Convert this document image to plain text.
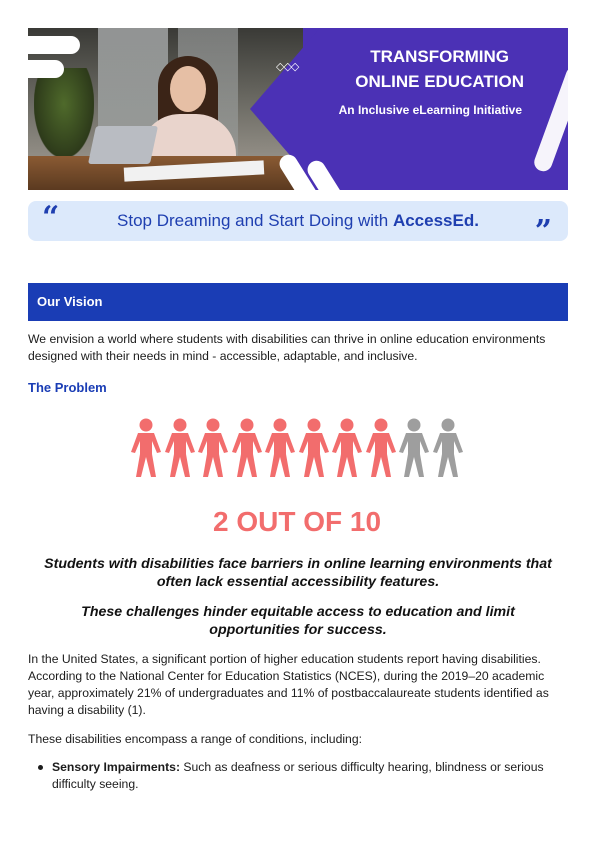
◇◇◇
TRANSFORMING
ONLINE EDUCATION
An Inclusive eLearning Initiative
“	Stop Dreaming and Start Doing with AccessEd.	”
Our Vision
We envision a world where students with disabilities can thrive in online education environments designed with their needs in mind - accessible, adaptable, and inclusive.
The Problem
2 OUT OF 10
Students with disabilities face barriers in online learning environments that often lack essential accessibility features.
These challenges hinder equitable access to education and limit opportunities for success.
In the United States, a significant portion of higher education students report having disabilities. According to the National Center for Education Statistics (NCES), during the 2019–20 academic year, approximately 21% of undergraduates and 11% of postbaccalaureate students identified as having a disability (1).
These disabilities encompass a range of conditions, including:
Sensory Impairments: Such as deafness or serious difficulty hearing, blindness or serious difficulty seeing.
